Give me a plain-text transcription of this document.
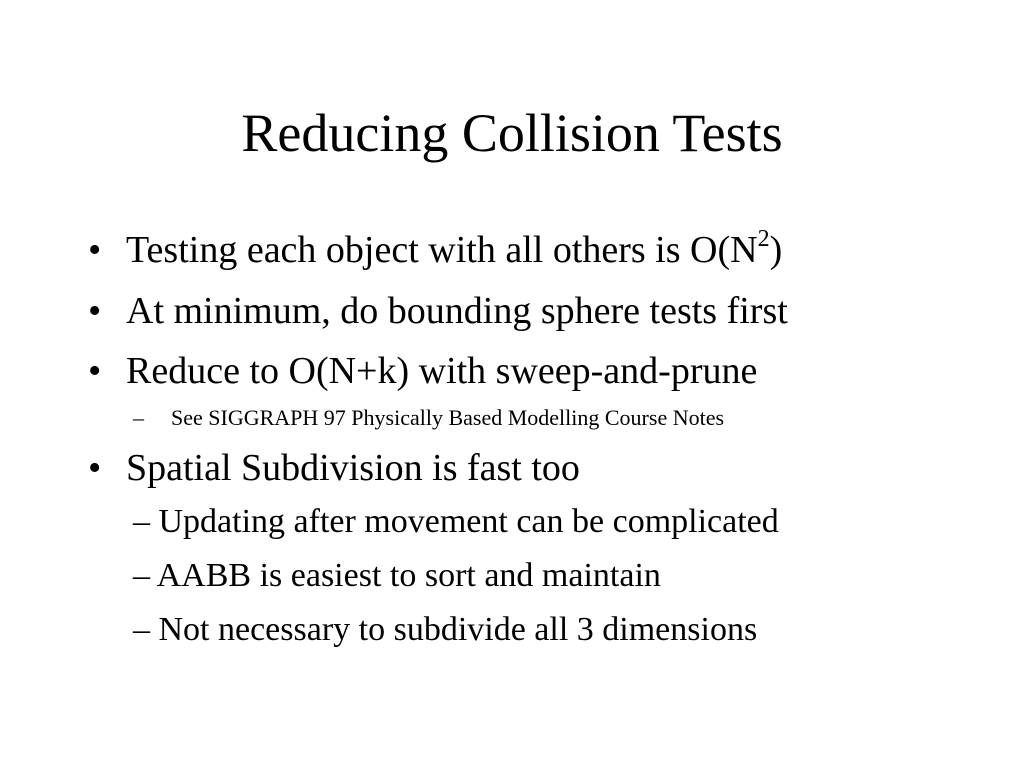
Reducing Collision Tests
• Testing each object with all others is $O(N^2)$
• At minimum, do bounding sphere tests first
• Reduce to O(N+k) with sweep-and-prune
– See SIGGRAPH 97 Physically Based Modelling Course Notes
• Spatial Subdivision is fast too
– Updating after movement can be complicated
– AABB is easiest to sort and maintain
– Not necessary to subdivide all 3 dimensions
